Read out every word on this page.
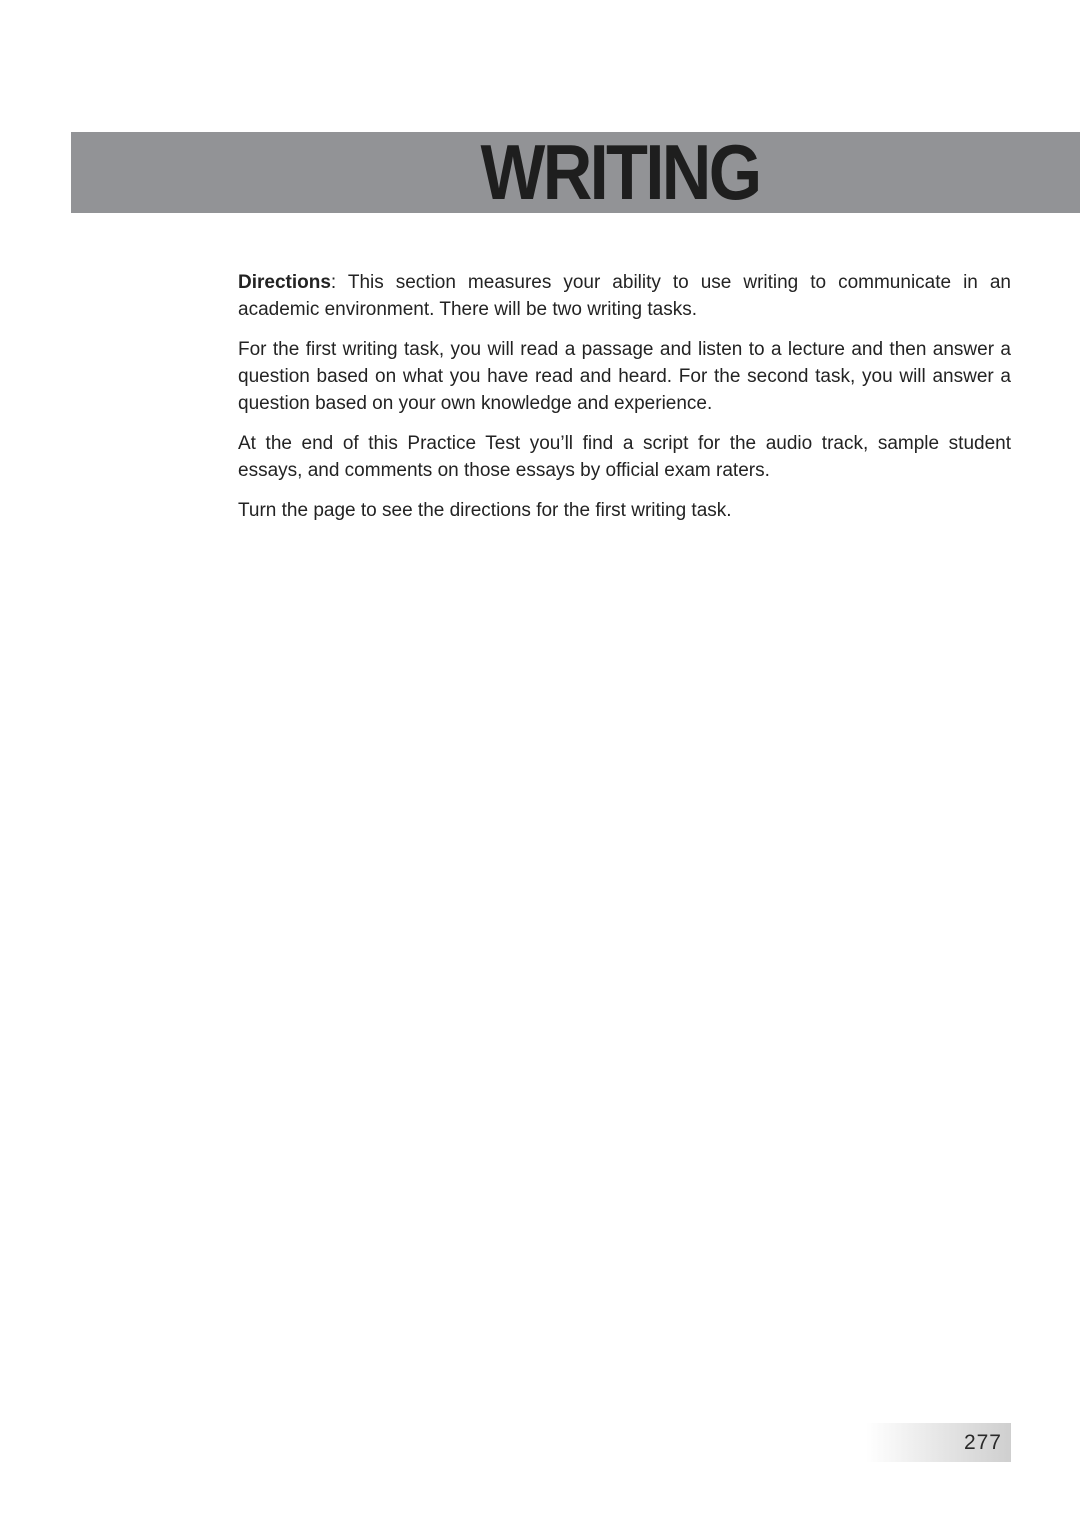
WRITING

Directions: This section measures your ability to use writing to communicate in an academic environment. There will be two writing tasks.

For the first writing task, you will read a passage and listen to a lecture and then answer a question based on what you have read and heard. For the second task, you will answer a question based on your own knowledge and experience.

At the end of this Practice Test you’ll find a script for the audio track, sample student essays, and comments on those essays by official exam raters.

Turn the page to see the directions for the first writing task.

277
